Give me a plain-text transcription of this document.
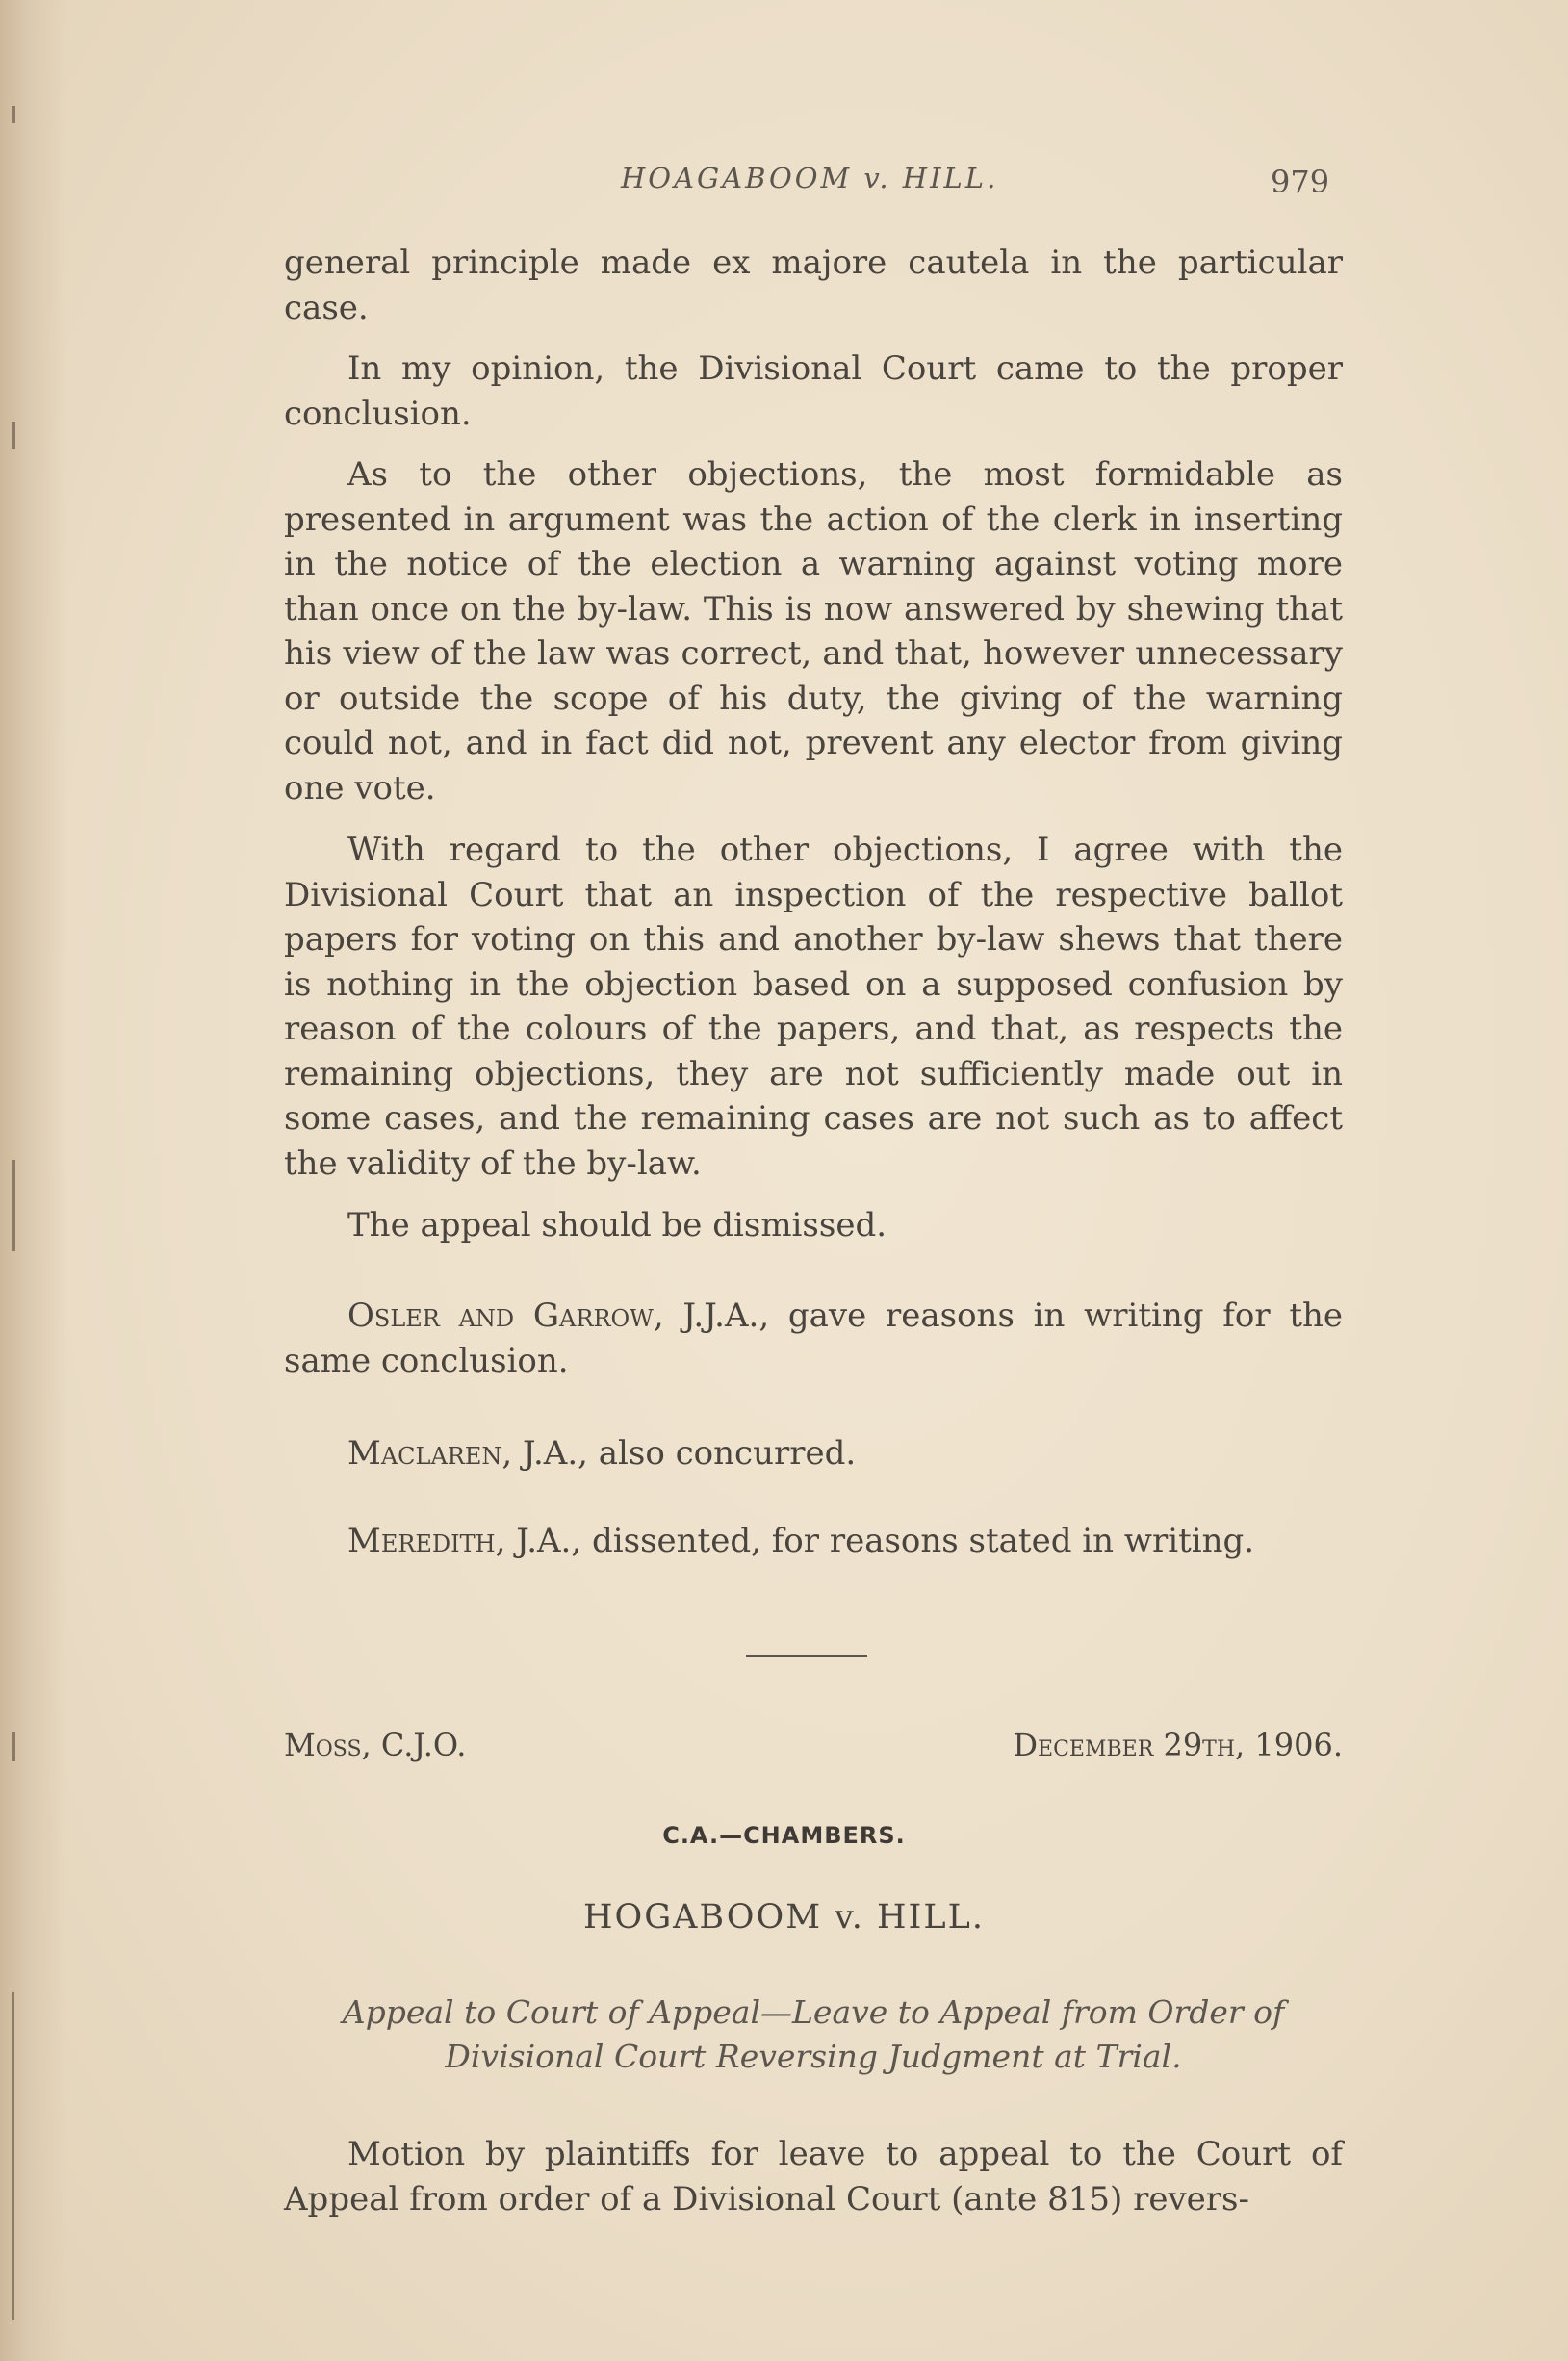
HOAGABOOM v. HILL.	979

general principle made ex majore cautela in the particular case.

In my opinion, the Divisional Court came to the proper conclusion.

As to the other objections, the most formidable as presented in argument was the action of the clerk in inserting in the notice of the election a warning against voting more than once on the by-law. This is now answered by shewing that his view of the law was correct, and that, however unnecessary or outside the scope of his duty, the giving of the warning could not, and in fact did not, prevent any elector from giving one vote.

With regard to the other objections, I agree with the Divisional Court that an inspection of the respective ballot papers for voting on this and another by-law shews that there is nothing in the objection based on a supposed confusion by reason of the colours of the papers, and that, as respects the remaining objections, they are not sufficiently made out in some cases, and the remaining cases are not such as to affect the validity of the by-law.

The appeal should be dismissed.

Osler and Garrow, J.J.A., gave reasons in writing for the same conclusion.

Maclaren, J.A., also concurred.

Meredith, J.A., dissented, for reasons stated in writing.

Moss, C.J.O.	December 29th, 1906.
C.A.—CHAMBERS.
HOGABOOM v. HILL.
Appeal to Court of Appeal—Leave to Appeal from Order of Divisional Court Reversing Judgment at Trial.

Motion by plaintiffs for leave to appeal to the Court of Appeal from order of a Divisional Court (ante 815) revers-
